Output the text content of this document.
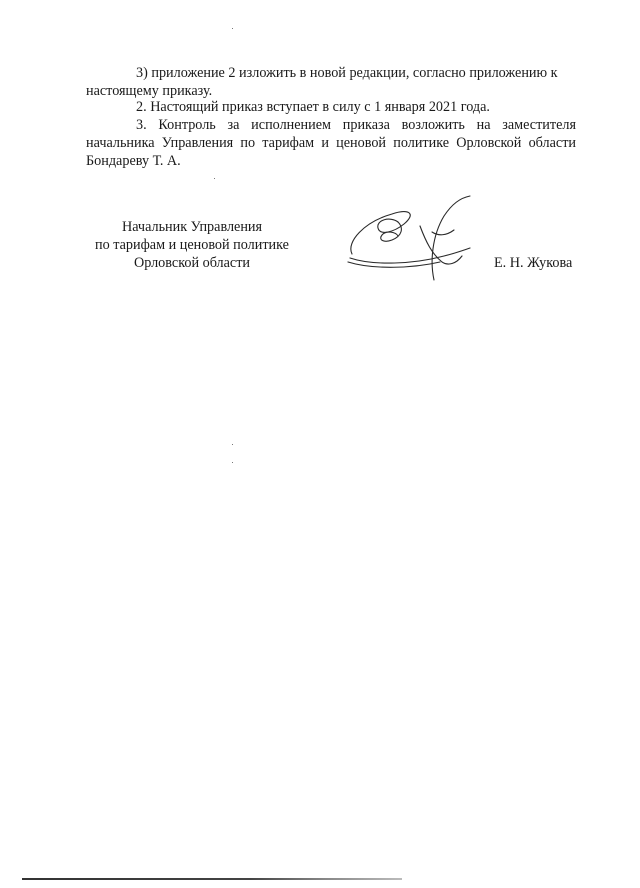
3) приложение 2 изложить в новой редакции, согласно приложению к настоящему приказу.

2. Настоящий приказ вступает в силу с 1 января 2021 года.

3. Контроль за исполнением приказа возложить на заместителя начальника Управления по тарифам и ценовой политике Орловской области Бондареву Т. А.

Начальник Управления
по тарифам и ценовой политике
Орловской области	Е. Н. Жукова
